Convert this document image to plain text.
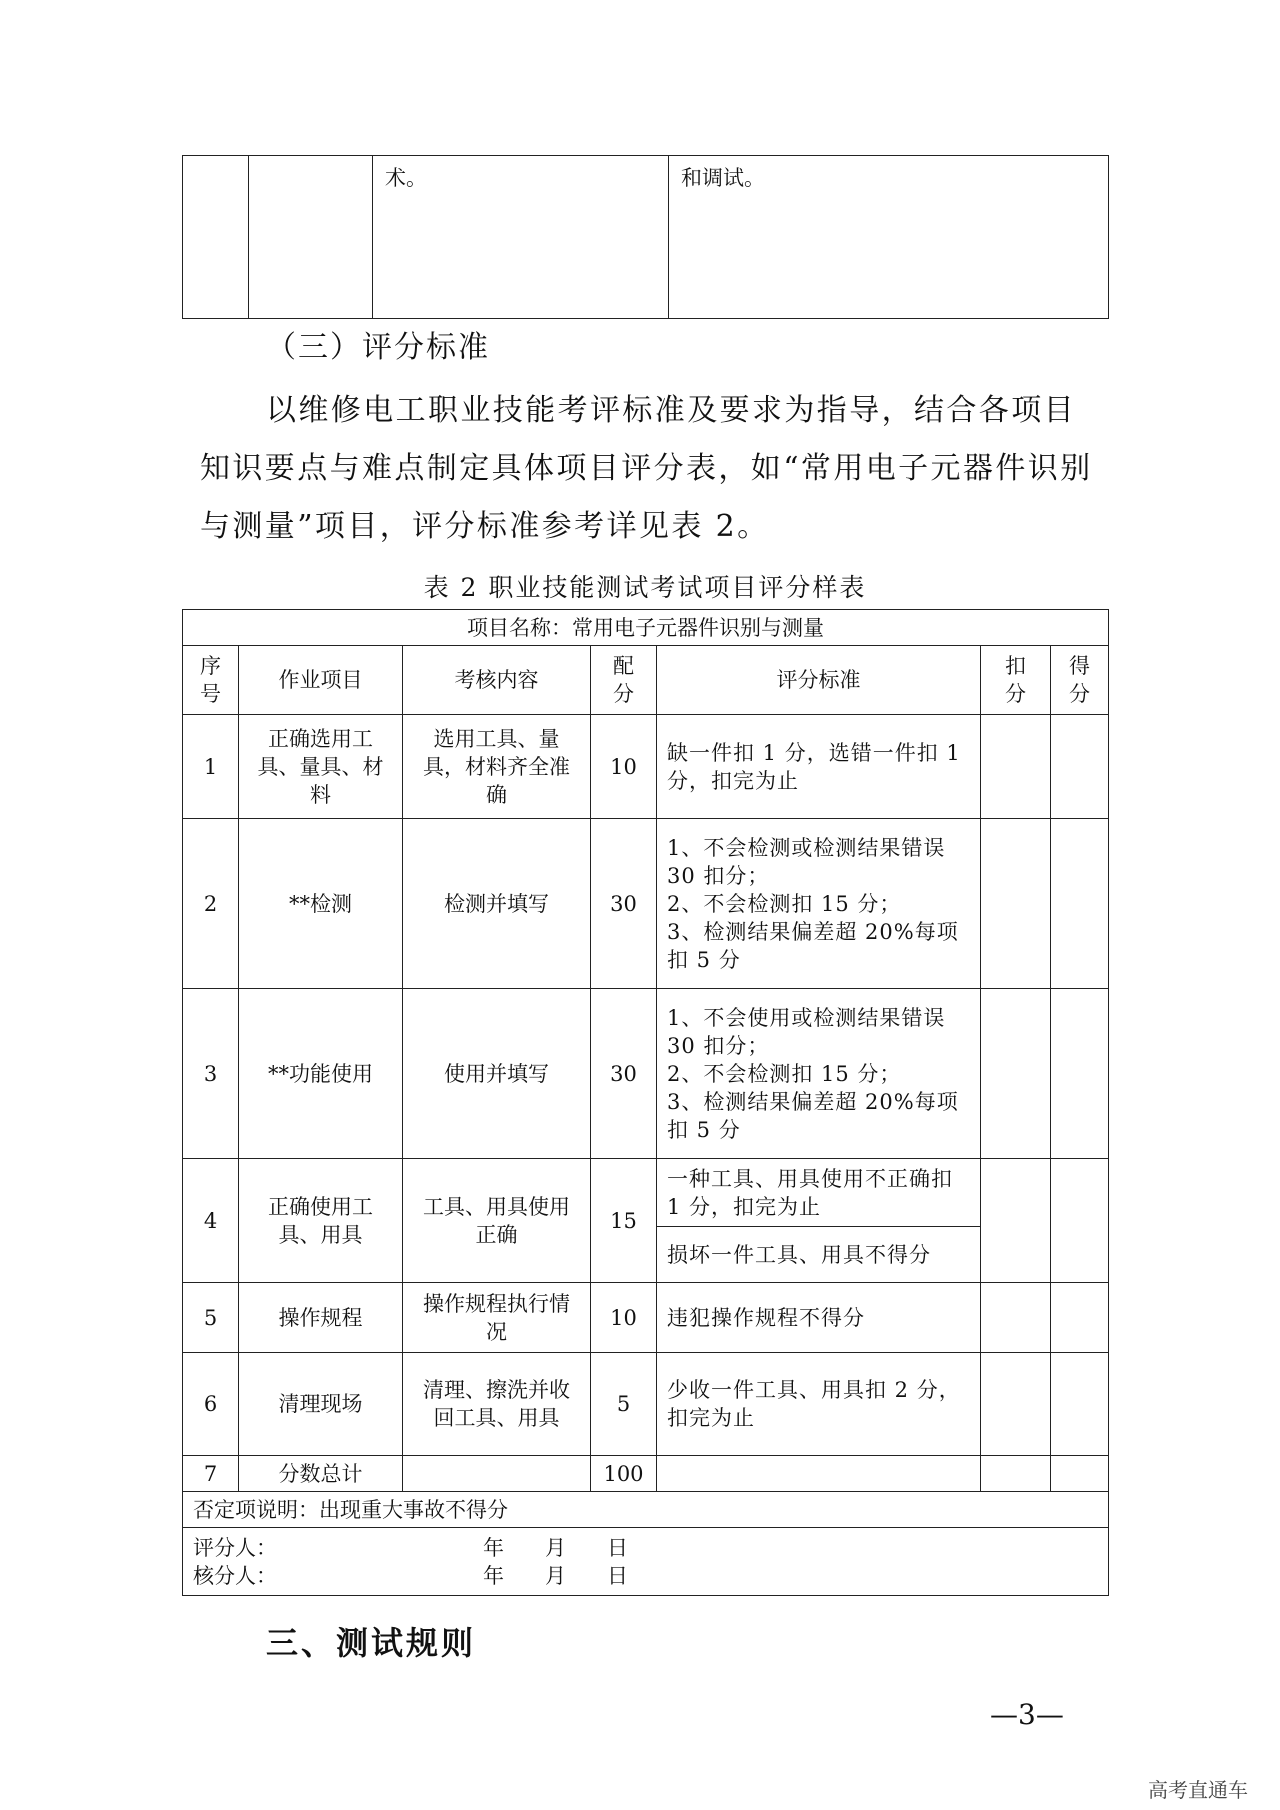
		术。	和调试。
（三）评分标准
以维修电工职业技能考评标准及要求为指导，结合各项目知识要点与难点制定具体项目评分表，如“常用电子元器件识别与测量”项目，评分标准参考详见表 2。
表 2 职业技能测试考试项目评分样表
项目名称：常用电子元器件识别与测量						
序号	作业项目	考核内容	配分	评分标准	扣分	得分
1	正确选用工具、量具、材料	选用工具、量具，材料齐全准确	10	缺一件扣 1 分，选错一件扣 1 分，扣完为止		
2	**检测	检测并填写	30	1、不会检测或检测结果错误 30 扣分；
2、不会检测扣 15 分；
3、检测结果偏差超 20%每项扣 5 分		
3	**功能使用	使用并填写	30	1、不会使用或检测结果错误 30 扣分；
2、不会检测扣 15 分；
3、检测结果偏差超 20%每项扣 5 分		
4	正确使用工具、用具	工具、用具使用正确	15	一种工具、用具使用不正确扣 1 分，扣完为止		
				损坏一件工具、用具不得分		
5	操作规程	操作规程执行情况	10	违犯操作规程不得分		
6	清理现场	清理、擦洗并收回工具、用具	5	少收一件工具、用具扣 2 分，扣完为止		
7	分数总计		100			
否定项说明：出现重大事故不得分						

评分人： 年 月 日
核分人： 年 月 日						
三、测试规则
—3—
高考直通车
